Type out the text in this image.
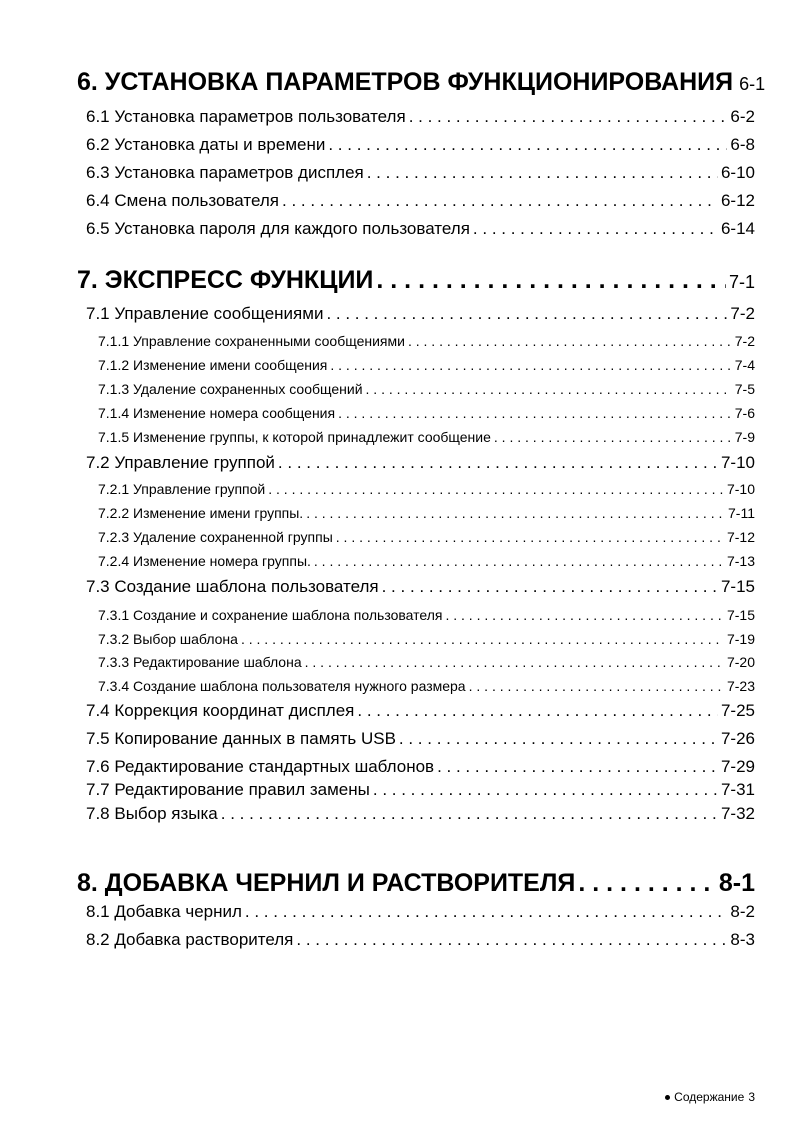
6. УСТАНОВКА ПАРАМЕТРОВ ФУНКЦИОНИРОВАНИЯ 6-1
6.1 Установка параметров пользователя . . .	6-2
6.2 Установка даты и времени . . .	6-8
6.3 Установка параметров дисплея . . .	6-10
6.4 Смена пользователя . . .	6-12
6.5 Установка пароля для каждого пользователя . . .	6-14
7. ЭКСПРЕСС ФУНКЦИИ . . .	7-1
7.1 Управление сообщениями . . .	7-2
7.1.1 Управление сохраненными сообщениями . . .	7-2
7.1.2 Изменение имени сообщения . . .	7-4
7.1.3 Удаление сохраненных сообщений . . .	7-5
7.1.4 Изменение номера сообщения . . .	7-6
7.1.5 Изменение группы, к которой принадлежит сообщение . . .	7-9
7.2 Управление группой . . .	7-10
7.2.1 Управление группой . . .	7-10
7.2.2 Изменение имени группы. . . .	7-11
7.2.3 Удаление сохраненной группы . . .	7-12
7.2.4 Изменение номера группы. . . .	7-13
7.3 Создание шаблона пользователя . . .	7-15
7.3.1 Создание и сохранение шаблона пользователя . . .	7-15
7.3.2 Выбор шаблона . . .	7-19
7.3.3 Редактирование шаблона . . .	7-20
7.3.4 Создание шаблона пользователя нужного размера . . .	7-23
7.4 Коррекция координат дисплея . . .	7-25
7.5 Копирование данных в память USB . . .	7-26
7.6 Редактирование стандартных шаблонов . . .	7-29
7.7 Редактирование правил замены . . .	7-31
7.8 Выбор языка . . .	7-32
8. ДОБАВКА ЧЕРНИЛ И РАСТВОРИТЕЛЯ . . .	8-1
8.1 Добавка чернил . . .	8-2
8.2 Добавка растворителя . . .	8-3
Содержание 3
